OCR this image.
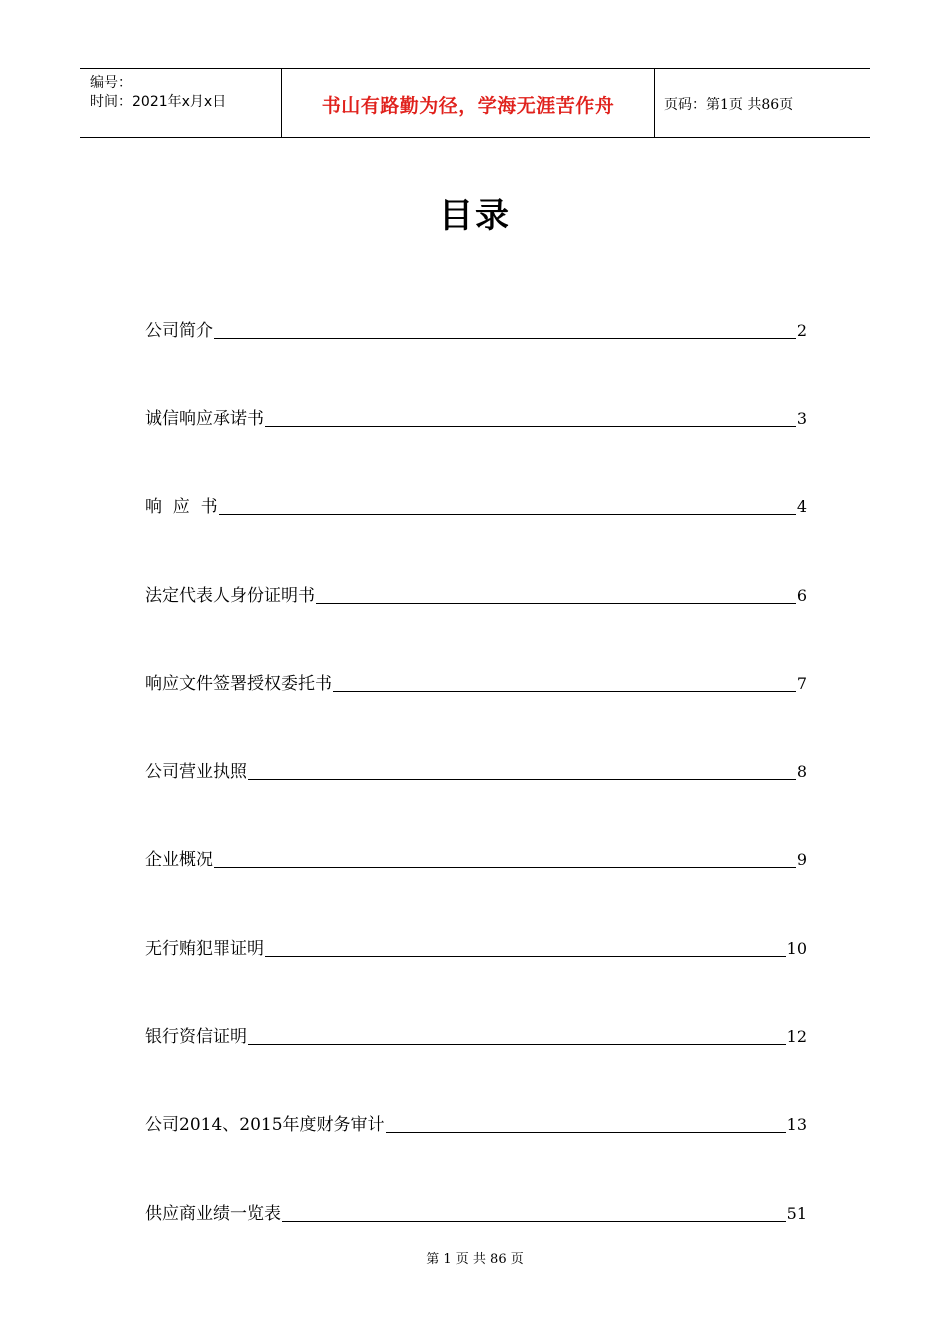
编号：
时间：2021年x月x日	书山有路勤为径，学海无涯苦作舟	页码：第1页 共86页
目录
公司简介	2
诚信响应承诺书	3
响  应  书	4
法定代表人身份证明书	6
响应文件签署授权委托书	7
公司营业执照	8
企业概况	9
无行贿犯罪证明	10
银行资信证明	12
公司2014、2015年度财务审计	13
供应商业绩一览表	51
第 1 页 共 86 页
